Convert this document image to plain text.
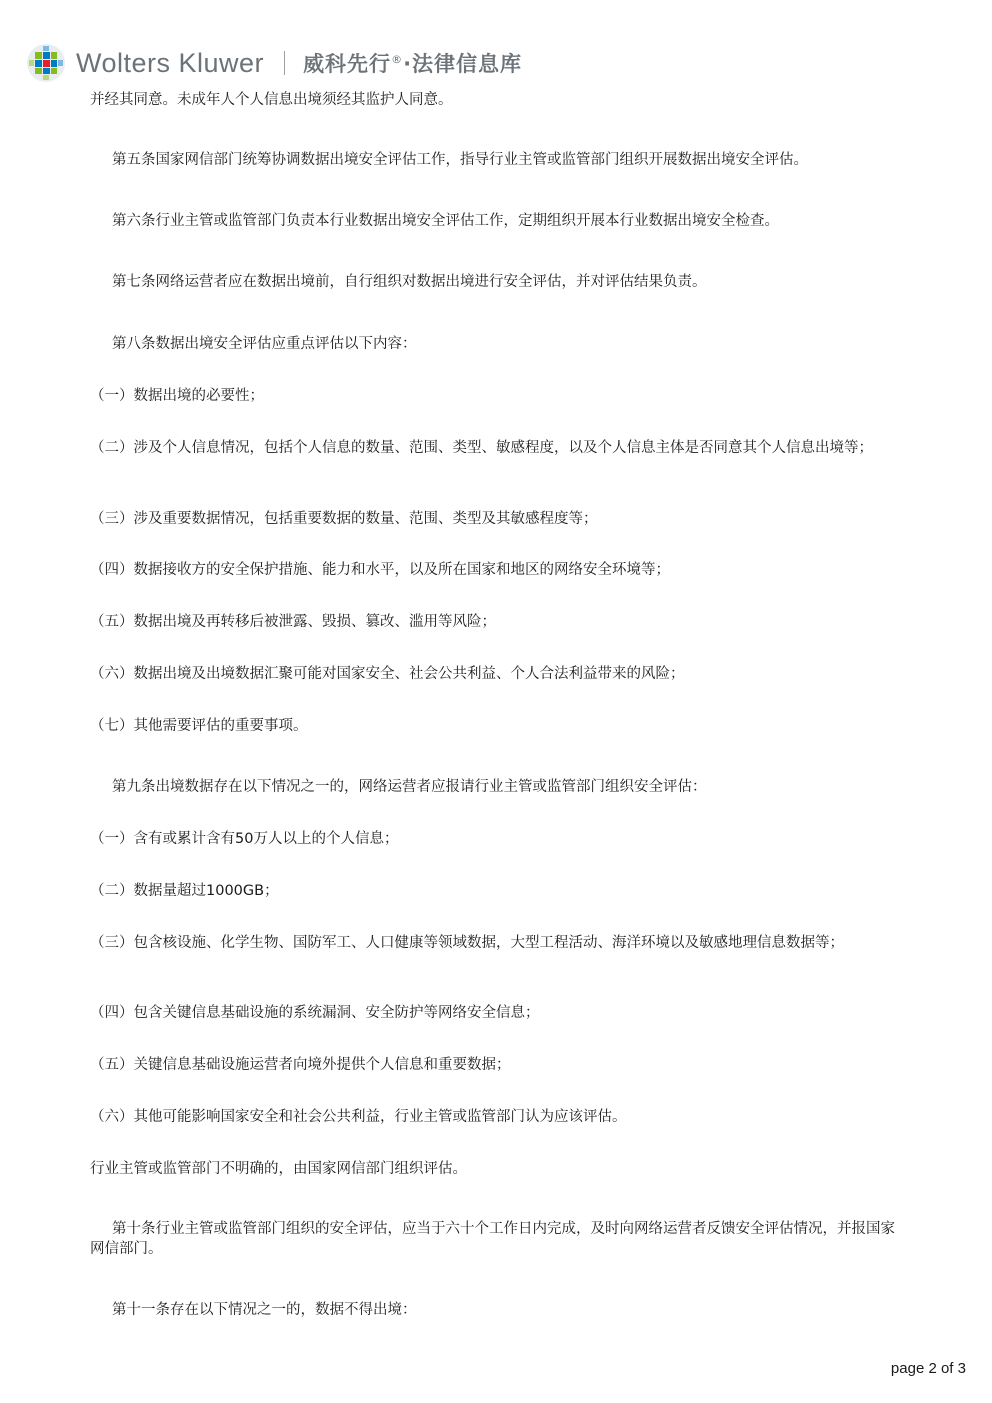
Wolters Kluwer 威科先行®·法律信息库

并经其同意。未成年人个人信息出境须经其监护人同意。

第五条国家网信部门统筹协调数据出境安全评估工作，指导行业主管或监管部门组织开展数据出境安全评估。

第六条行业主管或监管部门负责本行业数据出境安全评估工作，定期组织开展本行业数据出境安全检查。

第七条网络运营者应在数据出境前，自行组织对数据出境进行安全评估，并对评估结果负责。

第八条数据出境安全评估应重点评估以下内容：

（一）数据出境的必要性；

（二）涉及个人信息情况，包括个人信息的数量、范围、类型、敏感程度，以及个人信息主体是否同意其个人信息出境等；

（三）涉及重要数据情况，包括重要数据的数量、范围、类型及其敏感程度等；

（四）数据接收方的安全保护措施、能力和水平，以及所在国家和地区的网络安全环境等；

（五）数据出境及再转移后被泄露、毁损、篡改、滥用等风险；

（六）数据出境及出境数据汇聚可能对国家安全、社会公共利益、个人合法利益带来的风险；

（七）其他需要评估的重要事项。

第九条出境数据存在以下情况之一的，网络运营者应报请行业主管或监管部门组织安全评估：

（一）含有或累计含有50万人以上的个人信息；

（二）数据量超过1000GB；

（三）包含核设施、化学生物、国防军工、人口健康等领域数据，大型工程活动、海洋环境以及敏感地理信息数据等；

（四）包含关键信息基础设施的系统漏洞、安全防护等网络安全信息；

（五）关键信息基础设施运营者向境外提供个人信息和重要数据；

（六）其他可能影响国家安全和社会公共利益，行业主管或监管部门认为应该评估。

行业主管或监管部门不明确的，由国家网信部门组织评估。

第十条行业主管或监管部门组织的安全评估，应当于六十个工作日内完成，及时向网络运营者反馈安全评估情况，并报国家网信部门。

第十一条存在以下情况之一的，数据不得出境：

page 2 of 3
